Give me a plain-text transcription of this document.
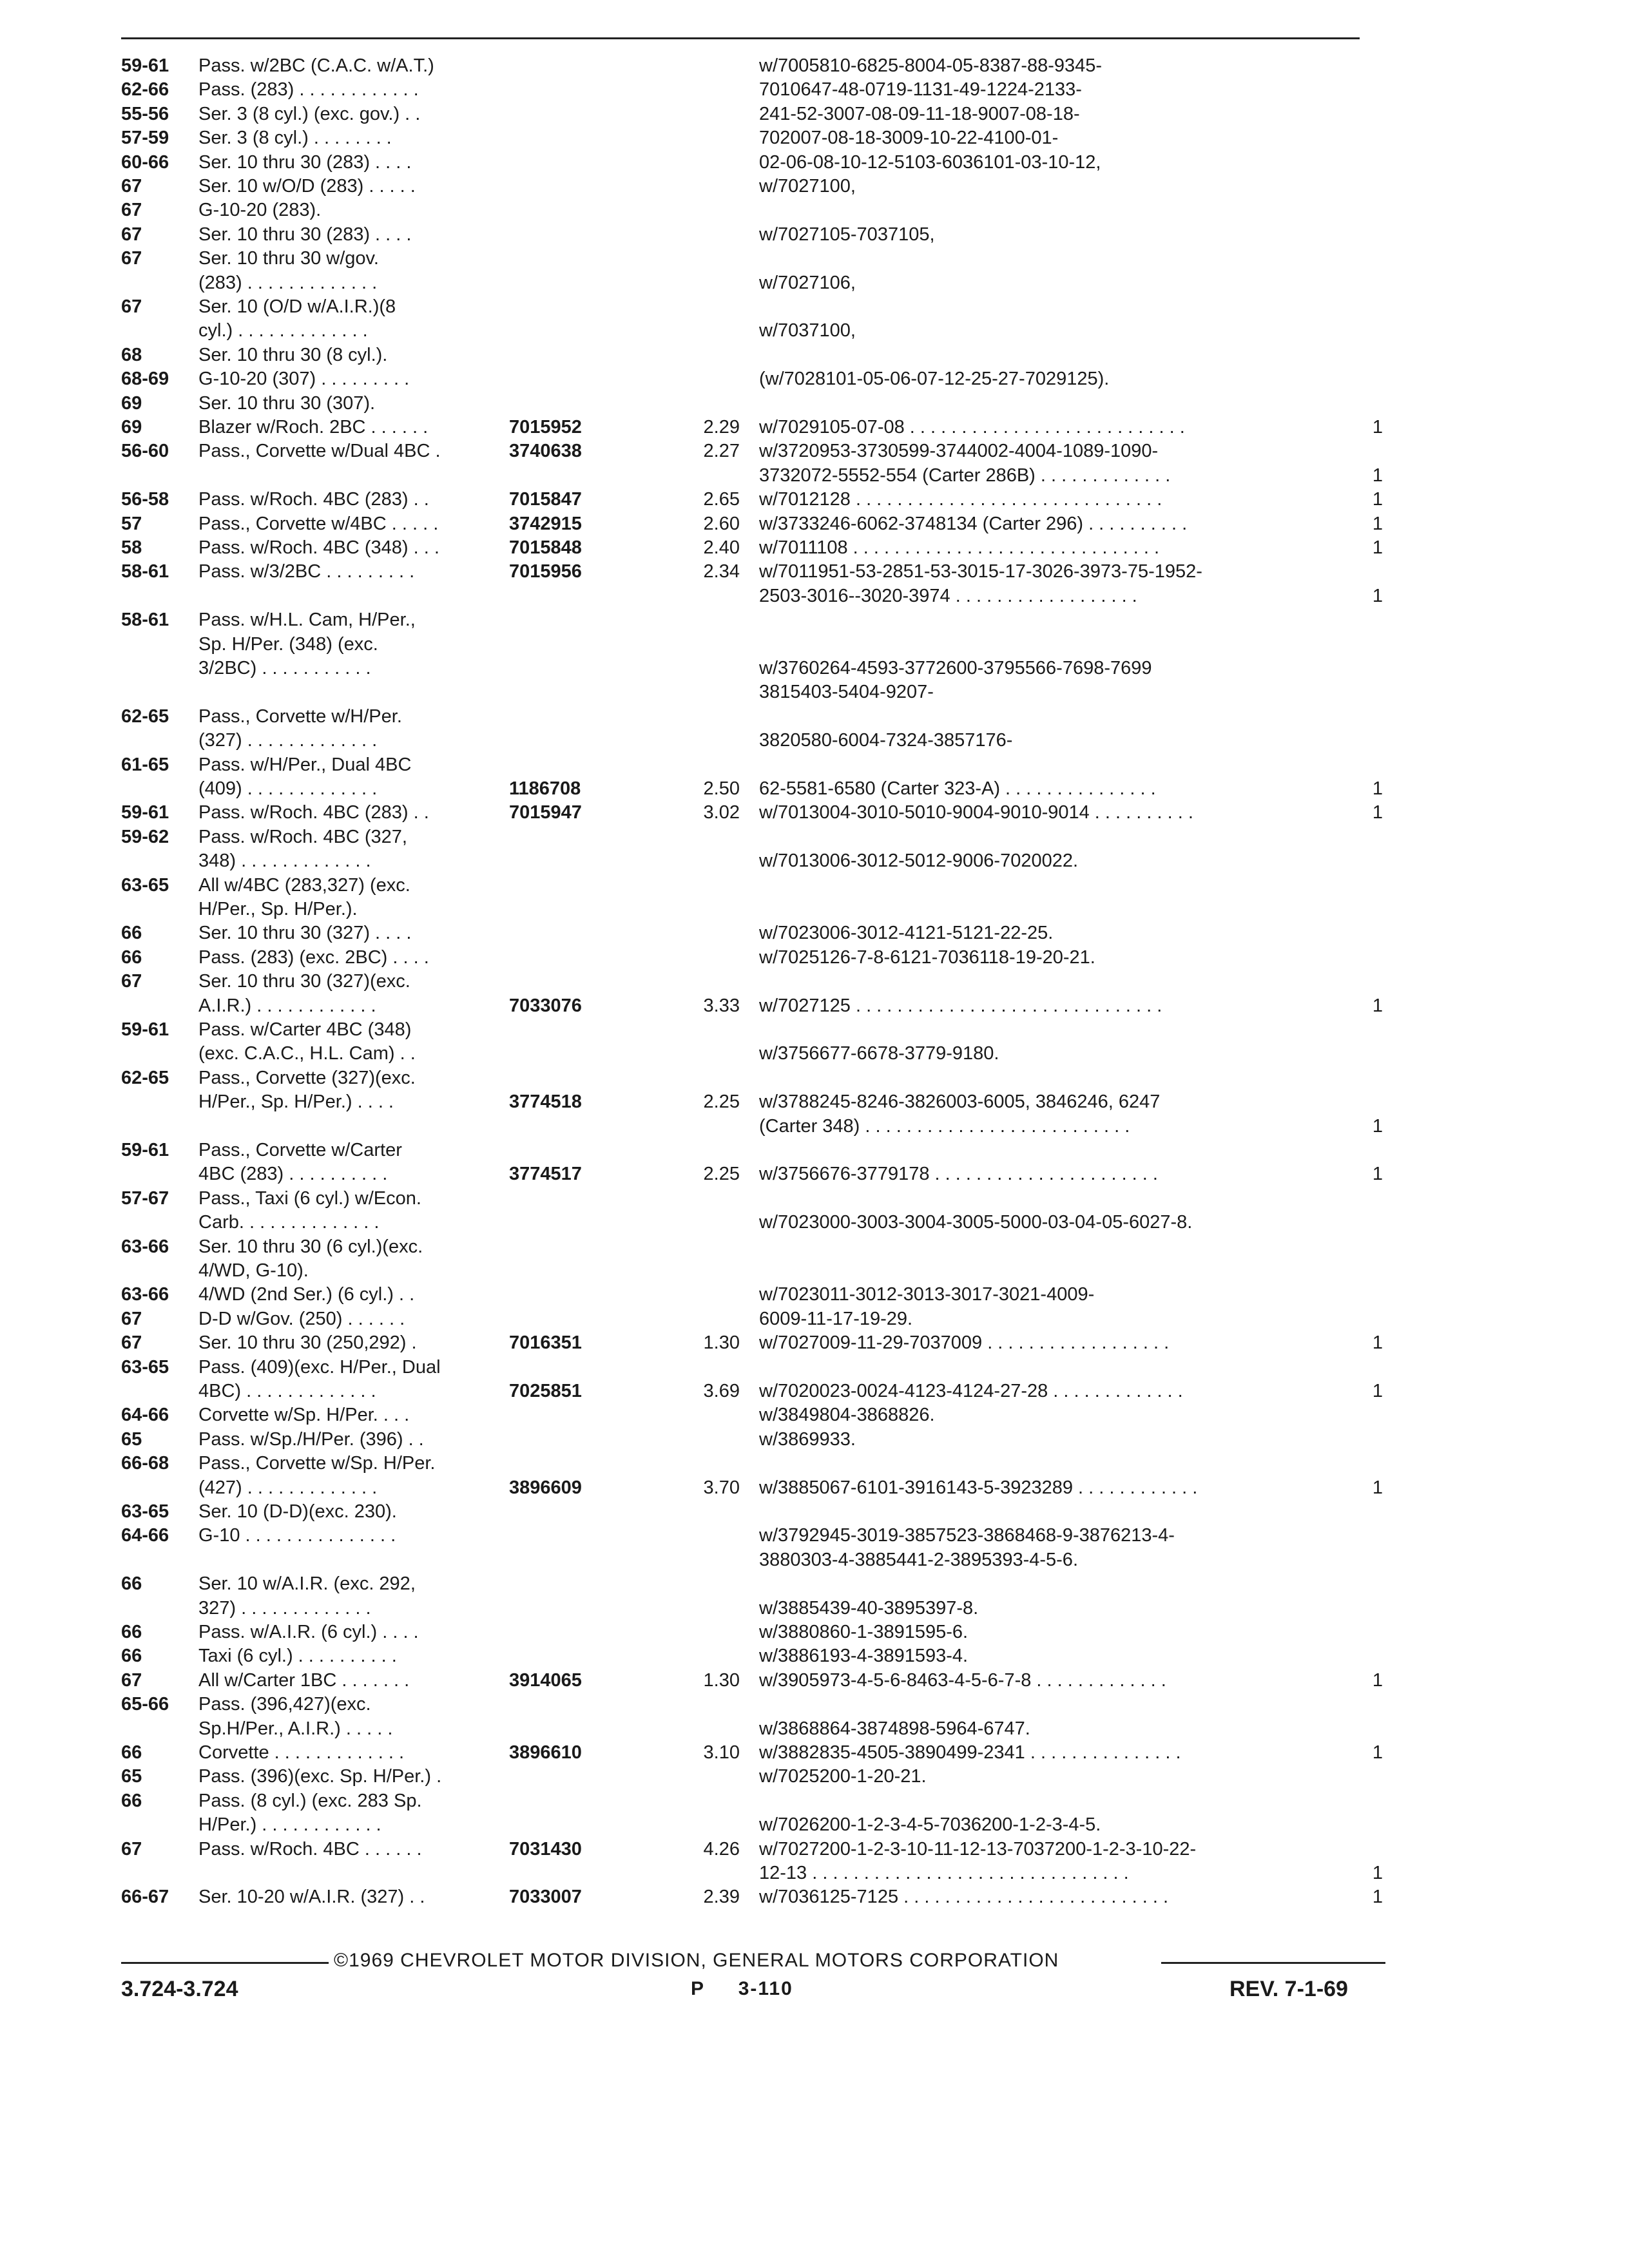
59-61	Pass. w/2BC (C.A.C. w/A.T.)	w/7005810-6825-8004-05-8387-88-9345-
62-66	Pass. (283) . . . . . . . . . . . .	7010647-48-0719-1131-49-1224-2133-
55-56	Ser. 3 (8 cyl.) (exc. gov.) . .	241-52-3007-08-09-11-18-9007-08-18-
57-59	Ser. 3 (8 cyl.) . . . . . . . .	702007-08-18-3009-10-22-4100-01-
60-66	Ser. 10 thru 30 (283) . . . .	02-06-08-10-12-5103-6036101-03-10-12,
67	Ser. 10 w/O/D (283) . . . . .	w/7027100,
67	G-10-20 (283).
67	Ser. 10 thru 30 (283) . . . .	w/7027105-7037105,
67	Ser. 10 thru 30 w/gov.
(283) . . . . . . . . . . . . .	w/7027106,
67	Ser. 10 (O/D w/A.I.R.)(8
cyl.) . . . . . . . . . . . . .	w/7037100,
68	Ser. 10 thru 30 (8 cyl.).
68-69	G-10-20 (307) . . . . . . . . .	(w/7028101-05-06-07-12-25-27-7029125).
69	Ser. 10 thru 30 (307).
69	Blazer w/Roch. 2BC . . . . . .	7015952	2.29 w/7029105-07-08 . . . . . . . . . . . . . . . . . . . . . . . . . . .	1
56-60	Pass., Corvette w/Dual 4BC .	3740638	2.27 w/3720953-3730599-3744002-4004-1089-1090-
3732072-5552-554 (Carter 286B) . . . . . . . . . . . . .	1
56-58	Pass. w/Roch. 4BC (283) . .	7015847	2.65 w/7012128 . . . . . . . . . . . . . . . . . . . . . . . . . . . . . .	1
57	Pass., Corvette w/4BC . . . . .	3742915	2.60 w/3733246-6062-3748134 (Carter 296) . . . . . . . . . .	1
58	Pass. w/Roch. 4BC (348) . . .	7015848	2.40 w/7011108 . . . . . . . . . . . . . . . . . . . . . . . . . . . . . .	1
58-61	Pass. w/3/2BC . . . . . . . . .	7015956	2.34 w/7011951-53-2851-53-3015-17-3026-3973-75-1952-
2503-3016--3020-3974 . . . . . . . . . . . . . . . . . .	1
58-61	Pass. w/H.L. Cam, H/Per.,
Sp. H/Per. (348) (exc.
3/2BC) . . . . . . . . . . .	w/3760264-4593-3772600-3795566-7698-7699
3815403-5404-9207-
62-65	Pass., Corvette w/H/Per.
(327) . . . . . . . . . . . . .	3820580-6004-7324-3857176-
61-65	Pass. w/H/Per., Dual 4BC
(409) . . . . . . . . . . . . .	1186708	2.50 62-5581-6580 (Carter 323-A) . . . . . . . . . . . . . . .	1
59-61	Pass. w/Roch. 4BC (283) . .	7015947	3.02 w/7013004-3010-5010-9004-9010-9014 . . . . . . . . . .	1
59-62	Pass. w/Roch. 4BC (327,
348) . . . . . . . . . . . . .	w/7013006-3012-5012-9006-7020022.
63-65	All w/4BC (283,327) (exc.
H/Per., Sp. H/Per.).
66	Ser. 10 thru 30 (327) . . . .	w/7023006-3012-4121-5121-22-25.
66	Pass. (283) (exc. 2BC) . . . .	w/7025126-7-8-6121-7036118-19-20-21.
67	Ser. 10 thru 30 (327)(exc.
A.I.R.) . . . . . . . . . . . .	7033076	3.33 w/7027125 . . . . . . . . . . . . . . . . . . . . . . . . . . . . . .	1
59-61	Pass. w/Carter 4BC (348)
(exc. C.A.C., H.L. Cam) . .	w/3756677-6678-3779-9180.
62-65	Pass., Corvette (327)(exc.
H/Per., Sp. H/Per.) . . . .	3774518	2.25 w/3788245-8246-3826003-6005, 3846246, 6247
(Carter 348) . . . . . . . . . . . . . . . . . . . . . . . . . .	1
59-61	Pass., Corvette w/Carter
4BC (283) . . . . . . . . . .	3774517	2.25 w/3756676-3779178 . . . . . . . . . . . . . . . . . . . . . .	1
57-67	Pass., Taxi (6 cyl.) w/Econ.
Carb. . . . . . . . . . . . . .	w/7023000-3003-3004-3005-5000-03-04-05-6027-8.
63-66	Ser. 10 thru 30 (6 cyl.)(exc.
4/WD, G-10).
63-66	4/WD (2nd Ser.) (6 cyl.) . .	w/7023011-3012-3013-3017-3021-4009-
67	D-D w/Gov. (250) . . . . . .	6009-11-17-19-29.
67	Ser. 10 thru 30 (250,292) .	7016351	1.30 w/7027009-11-29-7037009 . . . . . . . . . . . . . . . . . .	1
63-65	Pass. (409)(exc. H/Per., Dual
4BC) . . . . . . . . . . . . .	7025851	3.69 w/7020023-0024-4123-4124-27-28 . . . . . . . . . . . . .	1
64-66	Corvette w/Sp. H/Per. . . .	w/3849804-3868826.
65	Pass. w/Sp./H/Per. (396) . .	w/3869933.
66-68	Pass., Corvette w/Sp. H/Per.
(427) . . . . . . . . . . . . .	3896609	3.70 w/3885067-6101-3916143-5-3923289 . . . . . . . . . . . .	1
63-65	Ser. 10 (D-D)(exc. 230).
64-66	G-10 . . . . . . . . . . . . . . .	w/3792945-3019-3857523-3868468-9-3876213-4-
3880303-4-3885441-2-3895393-4-5-6.
66	Ser. 10 w/A.I.R. (exc. 292,
327) . . . . . . . . . . . . .	w/3885439-40-3895397-8.
66	Pass. w/A.I.R. (6 cyl.) . . . .	w/3880860-1-3891595-6.
66	Taxi (6 cyl.) . . . . . . . . . .	w/3886193-4-3891593-4.
67	All w/Carter 1BC . . . . . . .	3914065	1.30 w/3905973-4-5-6-8463-4-5-6-7-8 . . . . . . . . . . . . .	1
65-66	Pass. (396,427)(exc.
Sp.H/Per., A.I.R.) . . . . .	w/3868864-3874898-5964-6747.
66	Corvette . . . . . . . . . . . . .	3896610	3.10 w/3882835-4505-3890499-2341 . . . . . . . . . . . . . . .	1
65	Pass. (396)(exc. Sp. H/Per.) .	w/7025200-1-20-21.
66	Pass. (8 cyl.) (exc. 283 Sp.
H/Per.) . . . . . . . . . . . .	w/7026200-1-2-3-4-5-7036200-1-2-3-4-5.
67	Pass. w/Roch. 4BC . . . . . .	7031430	4.26 w/7027200-1-2-3-10-11-12-13-7037200-1-2-3-10-22-
12-13 . . . . . . . . . . . . . . . . . . . . . . . . . . . . . . .	1
66-67	Ser. 10-20 w/A.I.R. (327) . .	7033007	2.39 w/7036125-7125 . . . . . . . . . . . . . . . . . . . . . . . . . .	1
©1969 CHEVROLET MOTOR DIVISION, GENERAL MOTORS CORPORATION
3.724-3.724	P 3-110	REV. 7-1-69
